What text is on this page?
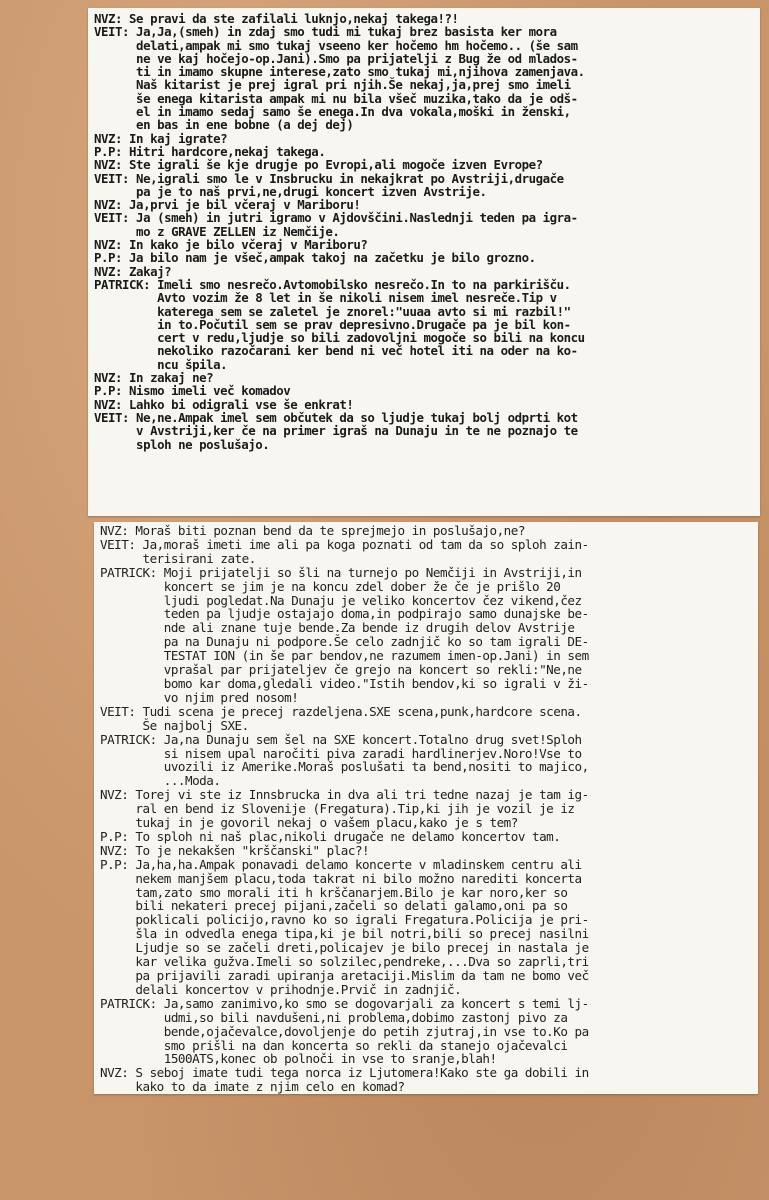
NVZ: Se pravi da ste zafilali luknjo,nekaj takega!?!
VEIT: Ja,Ja,(smeh) in zdaj smo tudi mi tukaj brez basista ker mora
delati,ampak mi smo tukaj vseeno ker hočemo hm hočemo.. (še sam
ne ve kaj hočejo-op.Jani).Smo pa prijatelji z Bug že od mlados-
ti in imamo skupne interese,zato smo tukaj mi,njihova zamenjava.
Naš kitarist je prej igral pri njih.Še nekaj,ja,prej smo imeli
še enega kitarista ampak mi nu bila všeč muzika,tako da je odš-
el in imamo sedaj samo še enega.In dva vokala,moški in ženski,
en bas in ene bobne (a dej dej)
NVZ: In kaj igrate?
P.P: Hitri hardcore,nekaj takega.
NVZ: Ste igrali še kje drugje po Evropi,ali mogoče izven Evrope?
VEIT: Ne,igrali smo le v Insbrucku in nekajkrat po Avstriji,drugače
pa je to naš prvi,ne,drugi koncert izven Avstrije.
NVZ: Ja,prvi je bil včeraj v Mariboru!
VEIT: Ja (smeh) in jutri igramo v Ajdovščini.Naslednji teden pa igra-
mo z GRAVE ZELLEN iz Nemčije.
NVZ: In kako je bilo včeraj v Mariboru?
P.P: Ja bilo nam je všeč,ampak takoj na začetku je bilo grozno.
NVZ: Zakaj?
PATRICK: Imeli smo nesrečo.Avtomobilsko nesrečo.In to na parkirišču.
Avto vozim že 8 let in še nikoli nisem imel nesreče.Tip v
katerega sem se zaletel je znorel:"uuaa avto si mi razbil!"
in to.Počutil sem se prav depresivno.Drugače pa je bil kon-
cert v redu,ljudje so bili zadovoljni mogoče so bili na koncu
nekoliko razočarani ker bend ni več hotel iti na oder na ko-
ncu špila.
NVZ: In zakaj ne?
P.P: Nismo imeli več komadov
NVZ: Lahko bi odigrali vse še enkrat!
VEIT: Ne,ne.Ampak imel sem občutek da so ljudje tukaj bolj odprti kot
v Avstriji,ker če na primer igraš na Dunaju in te ne poznajo te
sploh ne poslušajo.
NVZ: Moraš biti poznan bend da te sprejmejo in poslušajo,ne?
VEIT: Ja,moraš imeti ime ali pa koga poznati od tam da so sploh zain-
terisirani zate.
PATRICK: Moji prijatelji so šli na turnejo po Nemčiji in Avstriji,in
koncert se jim je na koncu zdel dober že če je prišlo 20
ljudi pogledat.Na Dunaju je veliko koncertov čez vikend,čez
teden pa ljudje ostajajo doma,in podpirajo samo dunajske be-
nde ali znane tuje bende.Za bende iz drugih delov Avstrije
pa na Dunaju ni podpore.Še celo zadnjič ko so tam igrali DE-
TESTAT ION (in še par bendov,ne razumem imen-op.Jani) in sem
vprašal par prijateljev če grejo na koncert so rekli:"Ne,ne
bomo kar doma,gledali video."Istih bendov,ki so igrali v ži-
vo njim pred nosom!
VEIT: Tudi scena je precej razdeljena.SXE scena,punk,hardcore scena.
Še najbolj SXE.
PATRICK: Ja,na Dunaju sem šel na SXE koncert.Totalno drug svet!Sploh
si nisem upal naročiti piva zaradi hardlinerjev.Noro!Vse to
uvozili iz Amerike.Moraš poslušati ta bend,nositi to majico,
...Moda.
NVZ: Torej vi ste iz Innsbrucka in dva ali tri tedne nazaj je tam ig-
ral en bend iz Slovenije (Fregatura).Tip,ki jih je vozil je iz
tukaj in je govoril nekaj o vašem placu,kako je s tem?
P.P: To sploh ni naš plac,nikoli drugače ne delamo koncertov tam.
NVZ: To je nekakšen "krščanski" plac?!
P.P: Ja,ha,ha.Ampak ponavadi delamo koncerte v mladinskem centru ali
nekem manjšem placu,toda takrat ni bilo možno narediti koncerta
tam,zato smo morali iti h krščanarjem.Bilo je kar noro,ker so
bili nekateri precej pijani,začeli so delati galamo,oni pa so
poklicali policijo,ravno ko so igrali Fregatura.Policija je pri-
šla in odvedla enega tipa,ki je bil notri,bili so precej nasilni
Ljudje so se začeli dreti,policajev je bilo precej in nastala je
kar velika gužva.Imeli so solzilec,pendreke,...Dva so zaprli,tri
pa prijavili zaradi upiranja aretaciji.Mislim da tam ne bomo več
delali koncertov v prihodnje.Prvič in zadnjič.
PATRICK: Ja,samo zanimivo,ko smo se dogovarjali za koncert s temi lj-
udmi,so bili navdušeni,ni problema,dobimo zastonj pivo za
bende,ojačevalce,dovoljenje do petih zjutraj,in vse to.Ko pa
smo prišli na dan koncerta so rekli da stanejo ojačevalci
1500ATS,konec ob polnoči in vse to sranje,blah!
NVZ: S seboj imate tudi tega norca iz Ljutomera!Kako ste ga dobili in
kako to da imate z njim celo en komad?
